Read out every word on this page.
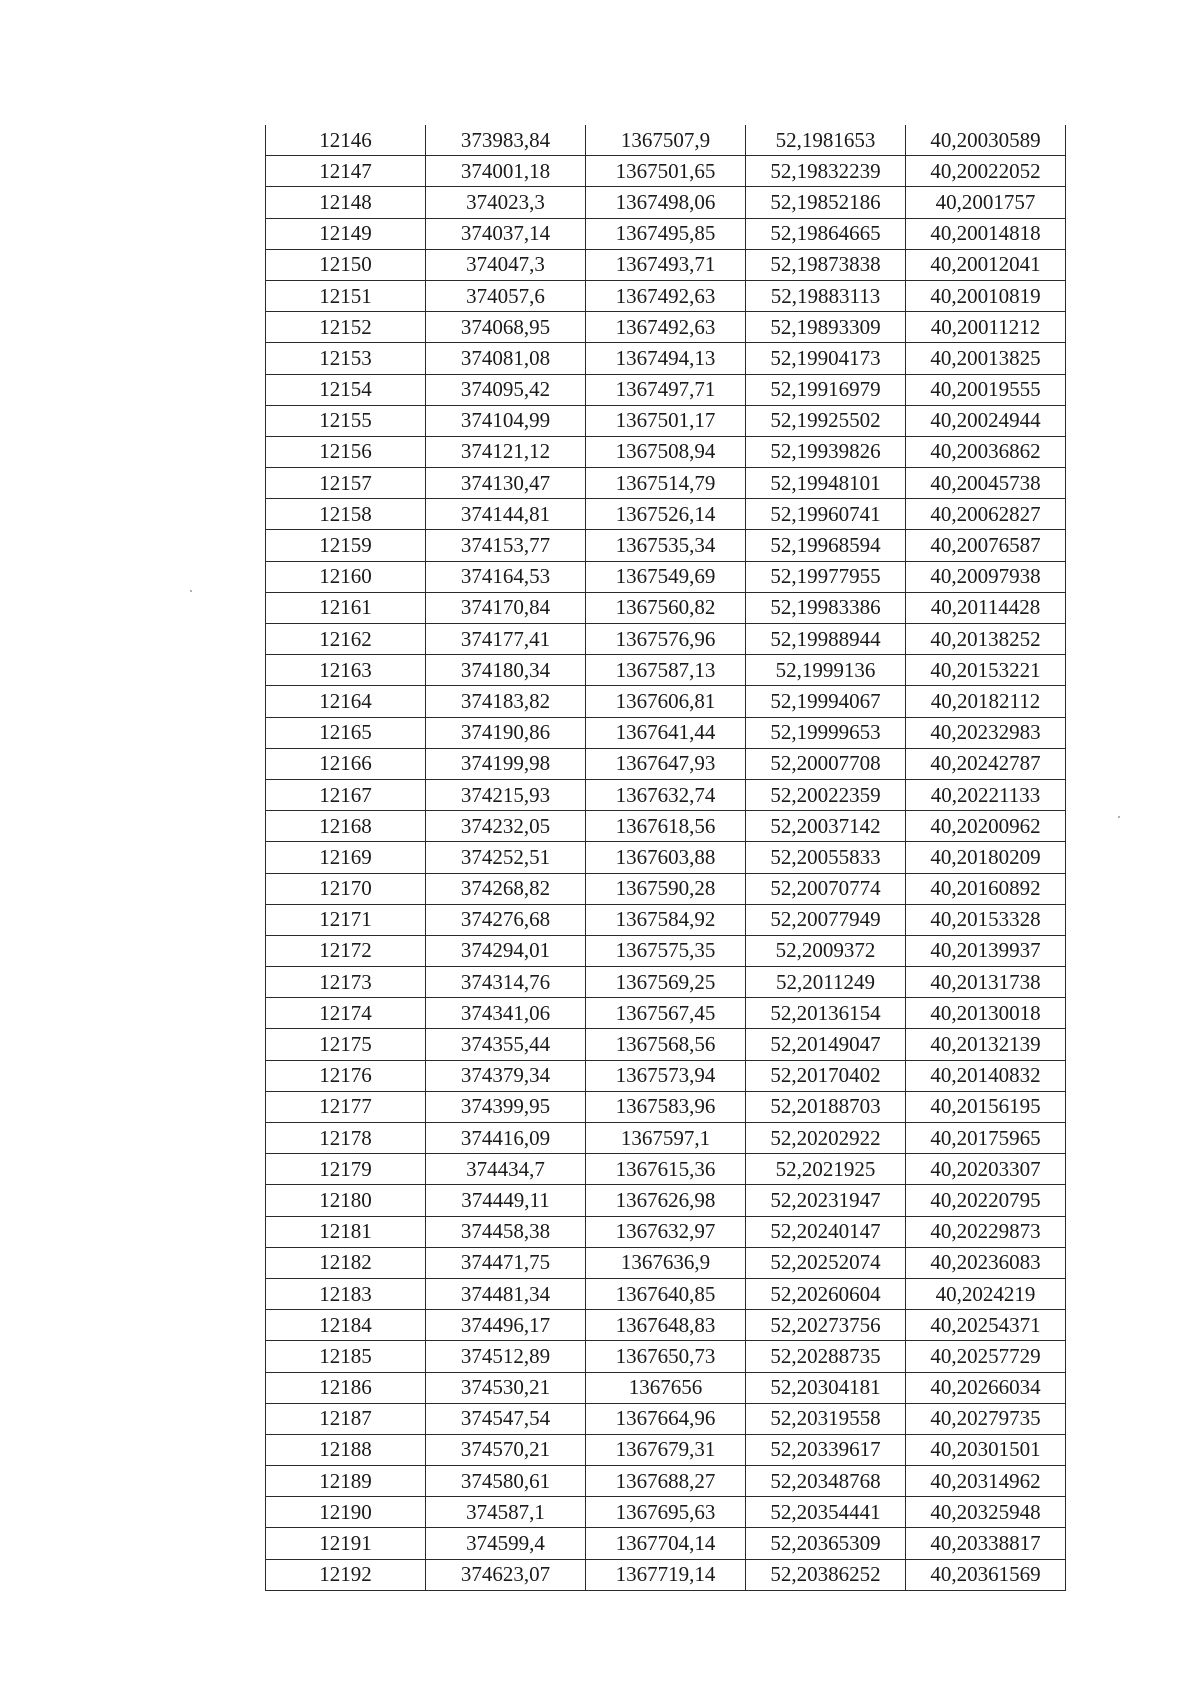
12146	373983,84	1367507,9	52,1981653	40,20030589
12147	374001,18	1367501,65	52,19832239	40,20022052
12148	374023,3	1367498,06	52,19852186	40,2001757
12149	374037,14	1367495,85	52,19864665	40,20014818
12150	374047,3	1367493,71	52,19873838	40,20012041
12151	374057,6	1367492,63	52,19883113	40,20010819
12152	374068,95	1367492,63	52,19893309	40,20011212
12153	374081,08	1367494,13	52,19904173	40,20013825
12154	374095,42	1367497,71	52,19916979	40,20019555
12155	374104,99	1367501,17	52,19925502	40,20024944
12156	374121,12	1367508,94	52,19939826	40,20036862
12157	374130,47	1367514,79	52,19948101	40,20045738
12158	374144,81	1367526,14	52,19960741	40,20062827
12159	374153,77	1367535,34	52,19968594	40,20076587
12160	374164,53	1367549,69	52,19977955	40,20097938
12161	374170,84	1367560,82	52,19983386	40,20114428
12162	374177,41	1367576,96	52,19988944	40,20138252
12163	374180,34	1367587,13	52,1999136	40,20153221
12164	374183,82	1367606,81	52,19994067	40,20182112
12165	374190,86	1367641,44	52,19999653	40,20232983
12166	374199,98	1367647,93	52,20007708	40,20242787
12167	374215,93	1367632,74	52,20022359	40,20221133
12168	374232,05	1367618,56	52,20037142	40,20200962
12169	374252,51	1367603,88	52,20055833	40,20180209
12170	374268,82	1367590,28	52,20070774	40,20160892
12171	374276,68	1367584,92	52,20077949	40,20153328
12172	374294,01	1367575,35	52,2009372	40,20139937
12173	374314,76	1367569,25	52,2011249	40,20131738
12174	374341,06	1367567,45	52,20136154	40,20130018
12175	374355,44	1367568,56	52,20149047	40,20132139
12176	374379,34	1367573,94	52,20170402	40,20140832
12177	374399,95	1367583,96	52,20188703	40,20156195
12178	374416,09	1367597,1	52,20202922	40,20175965
12179	374434,7	1367615,36	52,2021925	40,20203307
12180	374449,11	1367626,98	52,20231947	40,20220795
12181	374458,38	1367632,97	52,20240147	40,20229873
12182	374471,75	1367636,9	52,20252074	40,20236083
12183	374481,34	1367640,85	52,20260604	40,2024219
12184	374496,17	1367648,83	52,20273756	40,20254371
12185	374512,89	1367650,73	52,20288735	40,20257729
12186	374530,21	1367656	52,20304181	40,20266034
12187	374547,54	1367664,96	52,20319558	40,20279735
12188	374570,21	1367679,31	52,20339617	40,20301501
12189	374580,61	1367688,27	52,20348768	40,20314962
12190	374587,1	1367695,63	52,20354441	40,20325948
12191	374599,4	1367704,14	52,20365309	40,20338817
12192	374623,07	1367719,14	52,20386252	40,20361569
